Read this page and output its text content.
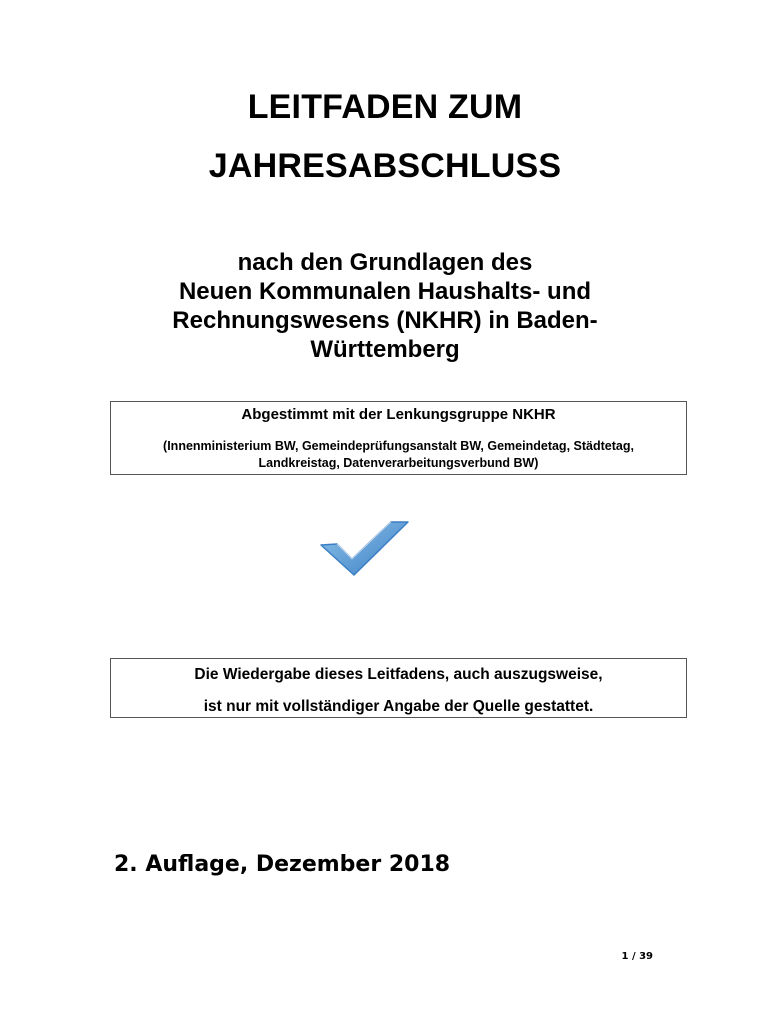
LEITFADEN ZUM
JAHRESABSCHLUSS
nach den Grundlagen des
Neuen Kommunalen Haushalts- und
Rechnungswesens (NKHR) in Baden-
Württemberg
Abgestimmt mit der Lenkungsgruppe NKHR
(Innenministerium BW, Gemeindeprüfungsanstalt BW, Gemeindetag, Städtetag,
Landkreistag, Datenverarbeitungsverbund BW)
Die Wiedergabe dieses Leitfadens, auch auszugsweise,
ist nur mit vollständiger Angabe der Quelle gestattet.
2. Auflage, Dezember 2018
1 / 39
